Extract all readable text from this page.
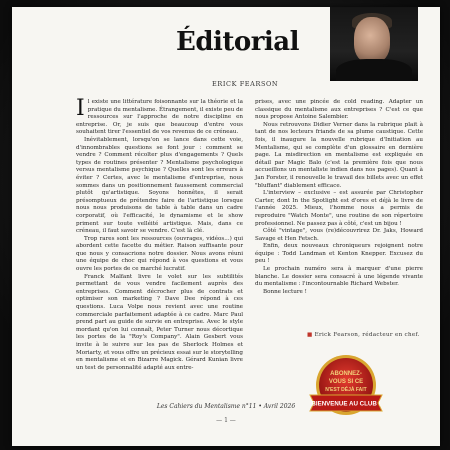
Éditorial
ERICK FEARSON

Il existe une littérature foisonnante sur la théorie et la pratique du mentalisme. Étrangement, il existe peu de ressources sur l'approche de notre discipline en entreprise. Or, je suis que beaucoup d'entre vous souhaitent tirer l'essentiel de vos revenus de ce créneau.

Inévitablement, lorsqu'on se lance dans cette voie, d'innombrables questions se font jour : comment se vendre ? Comment récolter plus d'engagements ? Quels types de routines présenter ? Mentalisme psychologique versus mentalisme psychique ? Quelles sont les erreurs à éviter ? Certes, avec le mentalisme d'entreprise, nous sommes dans un positionnement faussement commercial plutôt qu'artistique. Soyons honnêtes, il serait présomptueux de prétendre faire de l'artistique lorsque nous nous produisons de table à table dans un cadre corporatif, où l'efficacité, le dynamisme et le show priment sur toute velléité artistique. Mais, dans ce créneau, il faut savoir se vendre. C'est là clé.

Trop rares sont les ressources (ouvrages, vidéos...) qui abordent cette facette du métier. Raison suffisante pour que nous y consacrions notre dossier. Nous avons réuni une équipe de choc qui répond à vos questions et vous ouvre les portes de ce marché lucratif.

Franck Malfant livre le volet sur les subtilités permettant de vous vendre facilement auprès des entreprises. Comment décrocher plus de contrats et optimiser son marketing ? Dave Dee répond à ces questions. Luca Volpe nous revient avec une routine commerciale parfaitement adaptée à ce cadre. Marc Paul prend part au guide de survie en entreprise. Avec le style mordant qu'on lui connaît, Peter Turner nous décortique les portes de la "Roy's Company". Alain Gesbert vous invite à le suivre sur les pas de Sherlock Holmes et Moriarty, et vous offre un précieux essai sur le storytelling en mentalisme et en Bizarre Magick. Gérard Kunian livre un test de personnalité adapté aux entre-

prises, avec une pincée de cold reading. Adapter un classique du mentalisme aux entreprises ? C'est ce que nous propose Antoine Salembier.

Nous retrouvons Didier Verner dans la rubrique plait à tant de nos lecteurs friands de sa plume caustique. Cette fois, il inaugure la nouvelle rubrique d'Initiation au Mentalisme, qui se complète d'un glossaire en dernière page. La misdirection en mentalisme est expliquée en détail par Magic Balo (c'est la première fois que nous accueillons un mentaliste indien dans nos pages). Quant à Jan Forster, il renouvelle le travail des billets avec un effet "bluffant" diablement efficace.

L'interview – exclusive – est assurée par Christopher Carter, dont In the Spotlight est d'ores et déjà le livre de l'année 2025. Mieux, l'homme nous a permis de reproduire "Watch Monte", une routine de son répertoire professionnel. Ne passez pas à côté, c'est un bijou !

Côté "vintage", vous (re)découvrirez Dr. Jaks, Howard Savage et Hen Fetsch.

Enfin, deux nouveaux chroniqueurs rejoignent notre équipe : Todd Landman et Kenton Knepper. Excusez du peu !

Le prochain numéro sera à marquer d'une pierre blanche. Le dossier sera consacré à une légende vivante du mentalisme : l'incontournable Richard Webster.

Bonne lecture !

■ Erick Fearson, rédacteur en chef.
ABONNEZ-
VOUS SI CE
N'EST DÉJÀ FAIT
BIENVENUE AU CLUB !
Les Cahiers du Mentalisme n°11 • Avril 2026
— 1 —
